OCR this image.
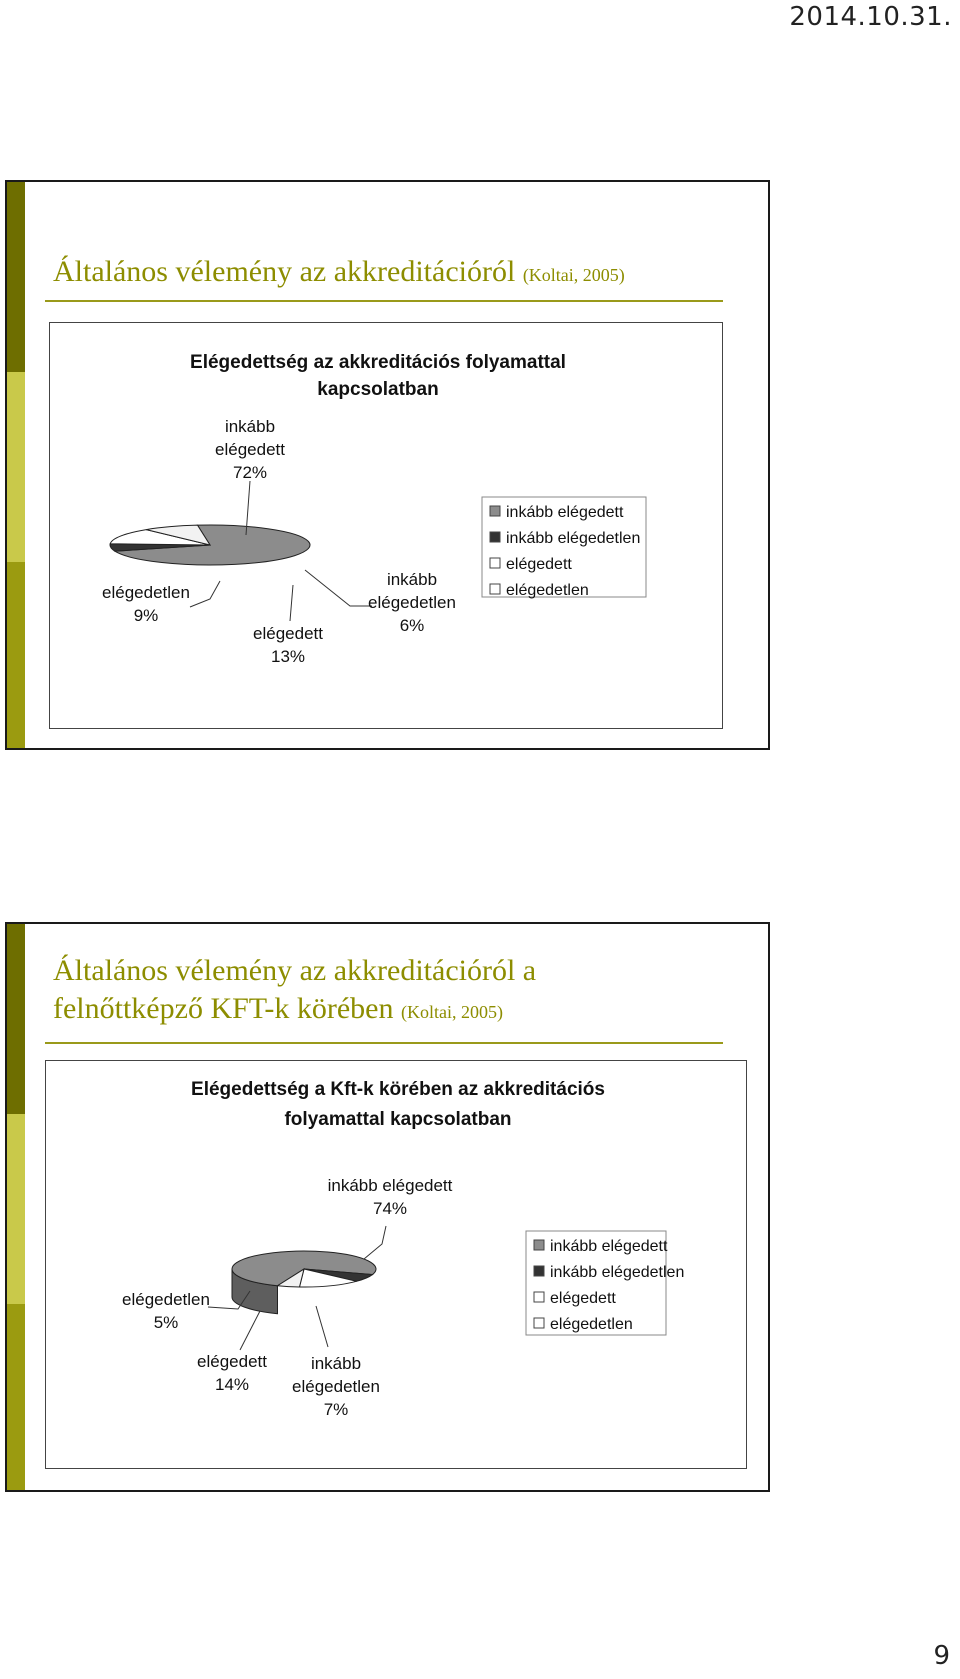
2014.10.31.
Általános vélemény az akkreditációról (Koltai, 2005)
Elégedettség az akkreditációs folyamattal
kapcsolatban
inkább
elégedett
72%
inkább
elégedetlen
6%
elégedett
13%
elégedetlen
9%
inkább elégedett
inkább elégedetlen
elégedett
elégedetlen
Általános vélemény az akkreditációról a
felnőttképző KFT-k körében (Koltai, 2005)
Elégedettség a Kft-k körében az akkreditációs
folyamattal kapcsolatban
inkább elégedett
74%
inkább
elégedetlen
7%
elégedett
14%
elégedetlen
5%
inkább elégedett
inkább elégedetlen
elégedett
elégedetlen
9
